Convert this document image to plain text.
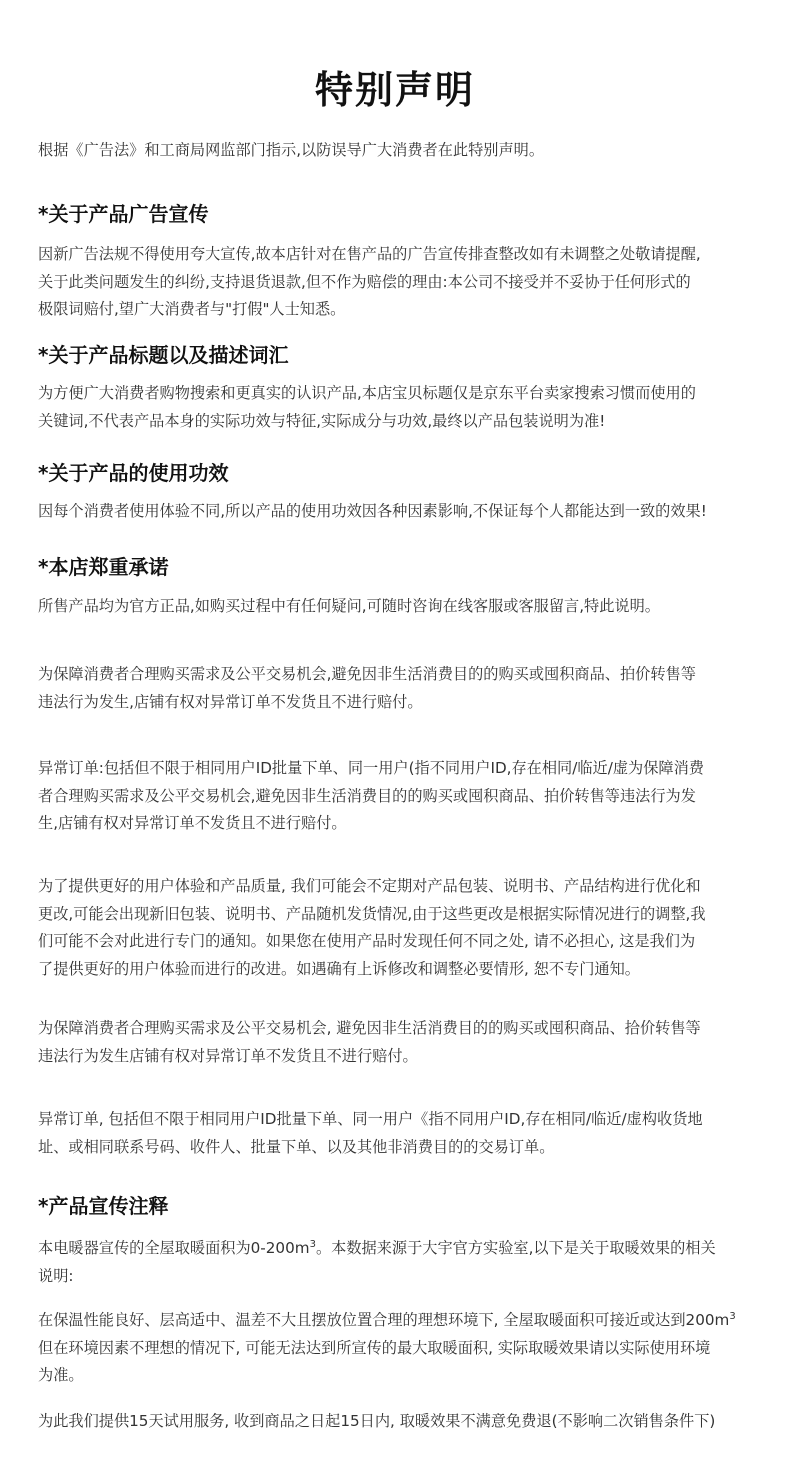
特别声明
根据《广告法》和工商局网监部门指示,以防误导广大消费者在此特别声明。
*关于产品广告宣传
因新广告法规不得使用夸大宣传,故本店针对在售产品的广告宣传排查整改如有未调整之处敬请提醒,
关于此类问题发生的纠纷,支持退货退款,但不作为赔偿的理由:本公司不接受并不妥协于任何形式的
极限词赔付,望广大消费者与"打假"人士知悉。
*关于产品标题以及描述词汇
为方便广大消费者购物搜索和更真实的认识产品,本店宝贝标题仅是京东平台卖家搜索习惯而使用的
关键词,不代表产品本身的实际功效与特征,实际成分与功效,最终以产品包装说明为准!
*关于产品的使用功效
因每个消费者使用体验不同,所以产品的使用功效因各种因素影响,不保证每个人都能达到一致的效果!
*本店郑重承诺
所售产品均为官方正品,如购买过程中有任何疑问,可随时咨询在线客服或客服留言,特此说明。
为保障消费者合理购买需求及公平交易机会,避免因非生活消费目的的购买或囤积商品、拍价转售等
违法行为发生,店铺有权对异常订单不发货且不进行赔付。
异常订单:包括但不限于相同用户ID批量下单、同一用户(指不同用户ID,存在相同/临近/虚为保障消费
者合理购买需求及公平交易机会,避免因非生活消费目的的购买或囤积商品、拍价转售等违法行为发
生,店铺有权对异常订单不发货且不进行赔付。
为了提供更好的用户体验和产品质量, 我们可能会不定期对产品包装、说明书、产品结构进行优化和
更改,可能会出现新旧包装、说明书、产品随机发货情况,由于这些更改是根据实际情况进行的调整,我
们可能不会对此进行专门的通知。如果您在使用产品时发现任何不同之处, 请不必担心, 这是我们为
了提供更好的用户体验而进行的改进。如遇确有上诉修改和调整必要情形, 恕不专门通知。
为保障消费者合理购买需求及公平交易机会, 避免因非生活消费目的的购买或囤积商品、拾价转售等
违法行为发生店铺有权对异常订单不发货且不进行赔付。
异常订单, 包括但不限于相同用户ID批量下单、同一用户《指不同用户ID,存在相同/临近/虚构收货地
址、或相同联系号码、收件人、批量下单、以及其他非消费目的的交易订单。
*产品宣传注释
本电暖器宣传的全屋取暖面积为$0-200m^3$。本数据来源于大宇官方实验室,以下是关于取暖效果的相关
说明:
在保温性能良好、层高适中、温差不大且摆放位置合理的理想环境下, 全屋取暖面积可接近或达到$200m^3$
但在环境因素不理想的情况下, 可能无法达到所宣传的最大取暖面积, 实际取暖效果请以实际使用环境
为准。
为此我们提供15天试用服务, 收到商品之日起15日内, 取暖效果不满意免费退(不影响二次销售条件下)
